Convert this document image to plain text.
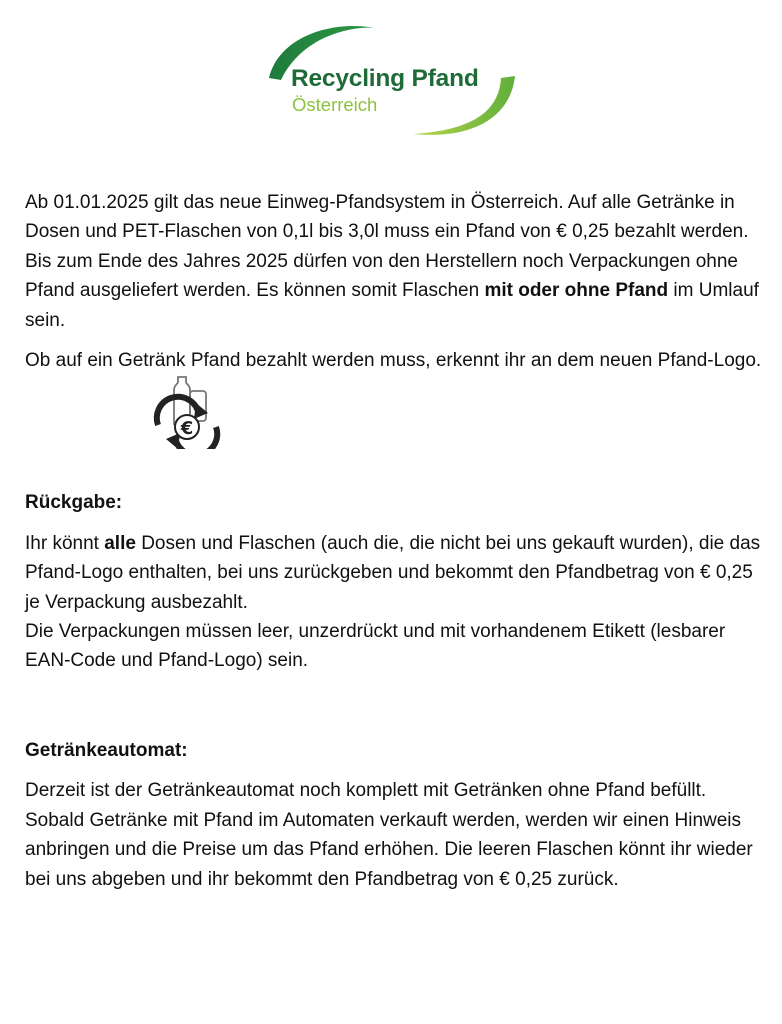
Recycling Pfand
Österreich

Ab 01.01.2025 gilt das neue Einweg-Pfandsystem in Österreich. Auf alle Getränke in Dosen und PET-Flaschen von 0,1l bis 3,0l muss ein Pfand von € 0,25 bezahlt werden.

Bis zum Ende des Jahres 2025 dürfen von den Herstellern noch Verpackungen ohne Pfand ausgeliefert werden. Es können somit Flaschen mit oder ohne Pfand im Umlauf sein.

Ob auf ein Getränk Pfand bezahlt werden muss, erkennt ihr an dem neuen Pfand-Logo.

€

Rückgabe:

Ihr könnt alle Dosen und Flaschen (auch die, die nicht bei uns gekauft wurden), die das Pfand-Logo enthalten, bei uns zurückgeben und bekommt den Pfandbetrag von € 0,25 je Verpackung ausbezahlt.

Die Verpackungen müssen leer, unzerdrückt und mit vorhandenem Etikett (lesbarer EAN-Code und Pfand-Logo) sein.

Getränkeautomat:

Derzeit ist der Getränkeautomat noch komplett mit Getränken ohne Pfand befüllt.

Sobald Getränke mit Pfand im Automaten verkauft werden, werden wir einen Hinweis anbringen und die Preise um das Pfand erhöhen. Die leeren Flaschen könnt ihr wieder bei uns abgeben und ihr bekommt den Pfandbetrag von € 0,25 zurück.
